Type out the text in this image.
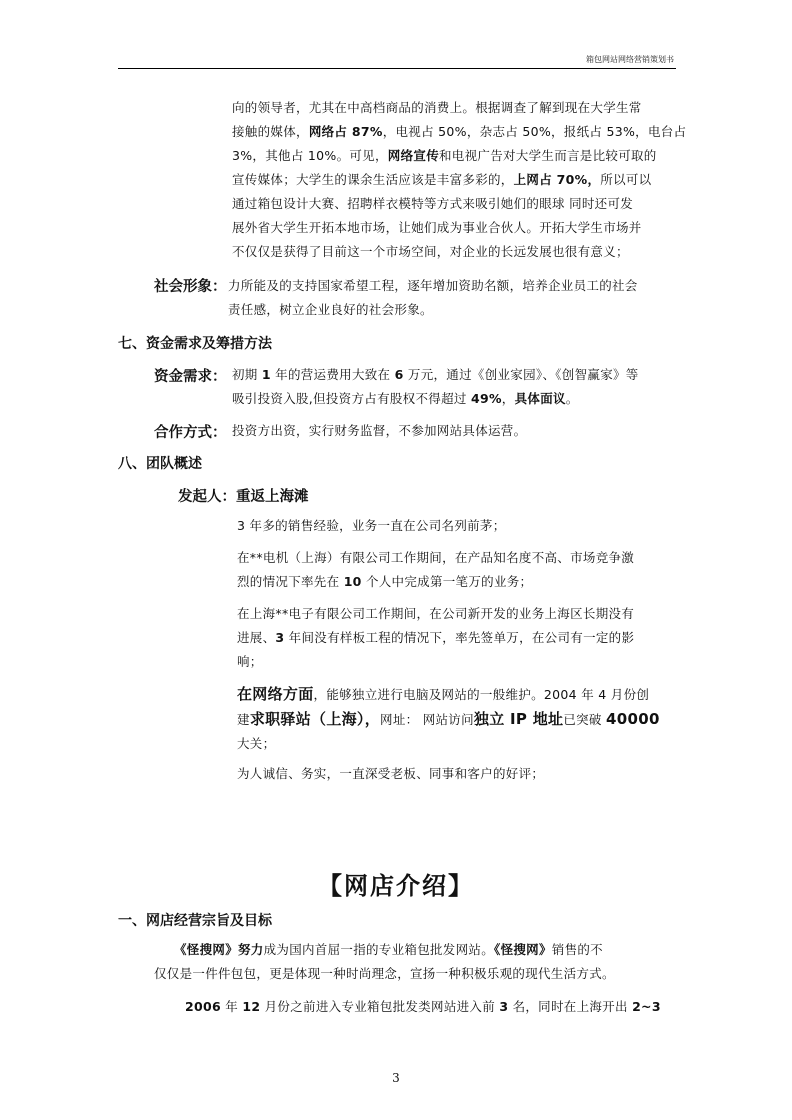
箱包网站网络营销策划书

向的领导者，尤其在中高档商品的消费上。根据调查了解到现在大学生常

接触的媒体，网络占 87%，电视占 50%，杂志占 50%，报纸占 53%，电台占

3%，其他占 10%。可见，网络宣传和电视广告对大学生而言是比较可取的

宣传媒体；大学生的课余生活应该是丰富多彩的，上网占 70%，所以可以

通过箱包设计大赛、招聘样衣模特等方式来吸引她们的眼球 同时还可发

展外省大学生开拓本地市场，让她们成为事业合伙人。开拓大学生市场并

不仅仅是获得了目前这一个市场空间，对企业的长远发展也很有意义；

社会形象： 力所能及的支持国家希望工程，逐年增加资助名额，培养企业员工的社会

责任感，树立企业良好的社会形象。

七、资金需求及筹措方法
资金需求： 初期 1 年的营运费用大致在 6 万元，通过《创业家园》、《创智赢家》等

吸引投资入股,但投资方占有股权不得超过 49%，具体面议。

合作方式： 投资方出资，实行财务监督，不参加网站具体运营。

八、团队概述
发起人：重返上海滩

3 年多的销售经验，业务一直在公司名列前茅；

在**电机（上海）有限公司工作期间，在产品知名度不高、市场竞争激

烈的情况下率先在 10 个人中完成第一笔万的业务；

在上海**电子有限公司工作期间，在公司新开发的业务上海区长期没有

进展、3 年间没有样板工程的情况下，率先签单万，在公司有一定的影

响；

在网络方面，能够独立进行电脑及网站的一般维护。2004 年 4 月份创

建求职驿站（上海），网址： 网站访问独立 IP 地址已突破 40000

大关；

为人诚信、务实，一直深受老板、同事和客户的好评；

【网店介绍】
一、网店经营宗旨及目标

《怪搜网》努力成为国内首屈一指的专业箱包批发网站。《怪搜网》销售的不

仅仅是一件件包包，更是体现一种时尚理念，宣扬一种积极乐观的现代生活方式。

2006 年 12 月份之前进入专业箱包批发类网站进入前 3 名，同时在上海开出 2~3

3
